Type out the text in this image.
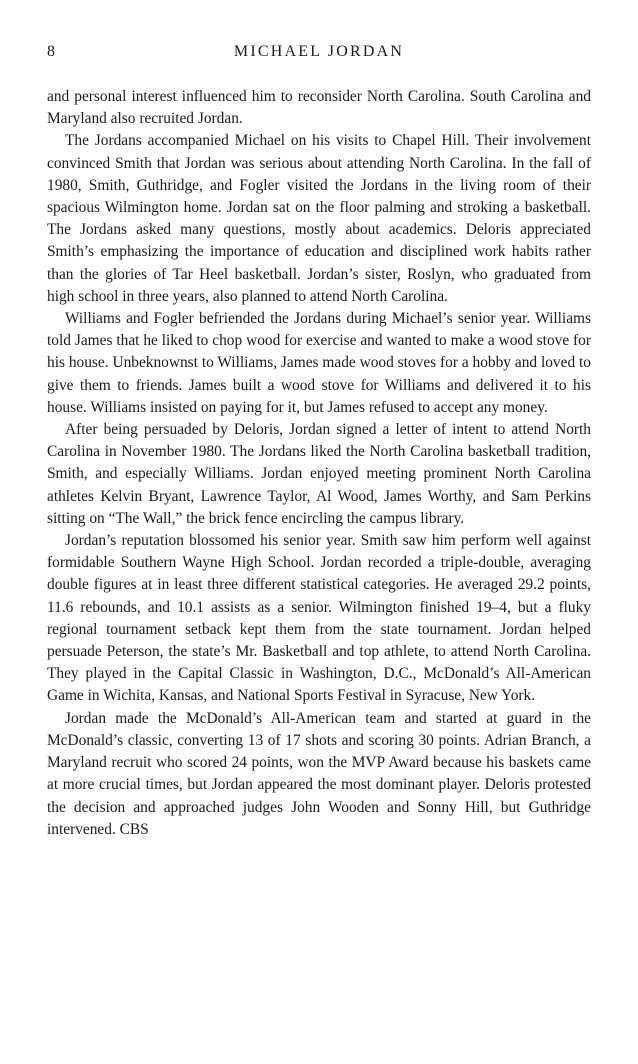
8	MICHAEL JORDAN

and personal interest influenced him to reconsider North Carolina. South Carolina and Maryland also recruited Jordan.

The Jordans accompanied Michael on his visits to Chapel Hill. Their involvement convinced Smith that Jordan was serious about attending North Carolina. In the fall of 1980, Smith, Guthridge, and Fogler visited the Jordans in the living room of their spacious Wilmington home. Jordan sat on the floor palming and stroking a basketball. The Jordans asked many questions, mostly about academics. Deloris appreciated Smith’s emphasizing the importance of education and disciplined work habits rather than the glories of Tar Heel basketball. Jordan’s sister, Roslyn, who graduated from high school in three years, also planned to attend North Carolina.

Williams and Fogler befriended the Jordans during Michael’s senior year. Williams told James that he liked to chop wood for exercise and wanted to make a wood stove for his house. Unbeknownst to Williams, James made wood stoves for a hobby and loved to give them to friends. James built a wood stove for Williams and delivered it to his house. Williams insisted on paying for it, but James refused to accept any money.

After being persuaded by Deloris, Jordan signed a letter of intent to attend North Carolina in November 1980. The Jordans liked the North Carolina basketball tradition, Smith, and especially Williams. Jordan enjoyed meeting prominent North Carolina athletes Kelvin Bryant, Lawrence Taylor, Al Wood, James Worthy, and Sam Perkins sitting on “The Wall,” the brick fence encircling the campus library.

Jordan’s reputation blossomed his senior year. Smith saw him perform well against formidable Southern Wayne High School. Jordan recorded a triple-double, averaging double figures at in least three different statistical categories. He averaged 29.2 points, 11.6 rebounds, and 10.1 assists as a senior. Wilmington finished 19–4, but a fluky regional tournament setback kept them from the state tournament. Jordan helped persuade Peterson, the state’s Mr. Basketball and top athlete, to attend North Carolina. They played in the Capital Classic in Washington, D.C., McDonald’s All-American Game in Wichita, Kansas, and National Sports Festival in Syracuse, New York.

Jordan made the McDonald’s All-American team and started at guard in the McDonald’s classic, converting 13 of 17 shots and scoring 30 points. Adrian Branch, a Maryland recruit who scored 24 points, won the MVP Award because his baskets came at more crucial times, but Jordan appeared the most dominant player. Deloris protested the decision and approached judges John Wooden and Sonny Hill, but Guthridge intervened. CBS
